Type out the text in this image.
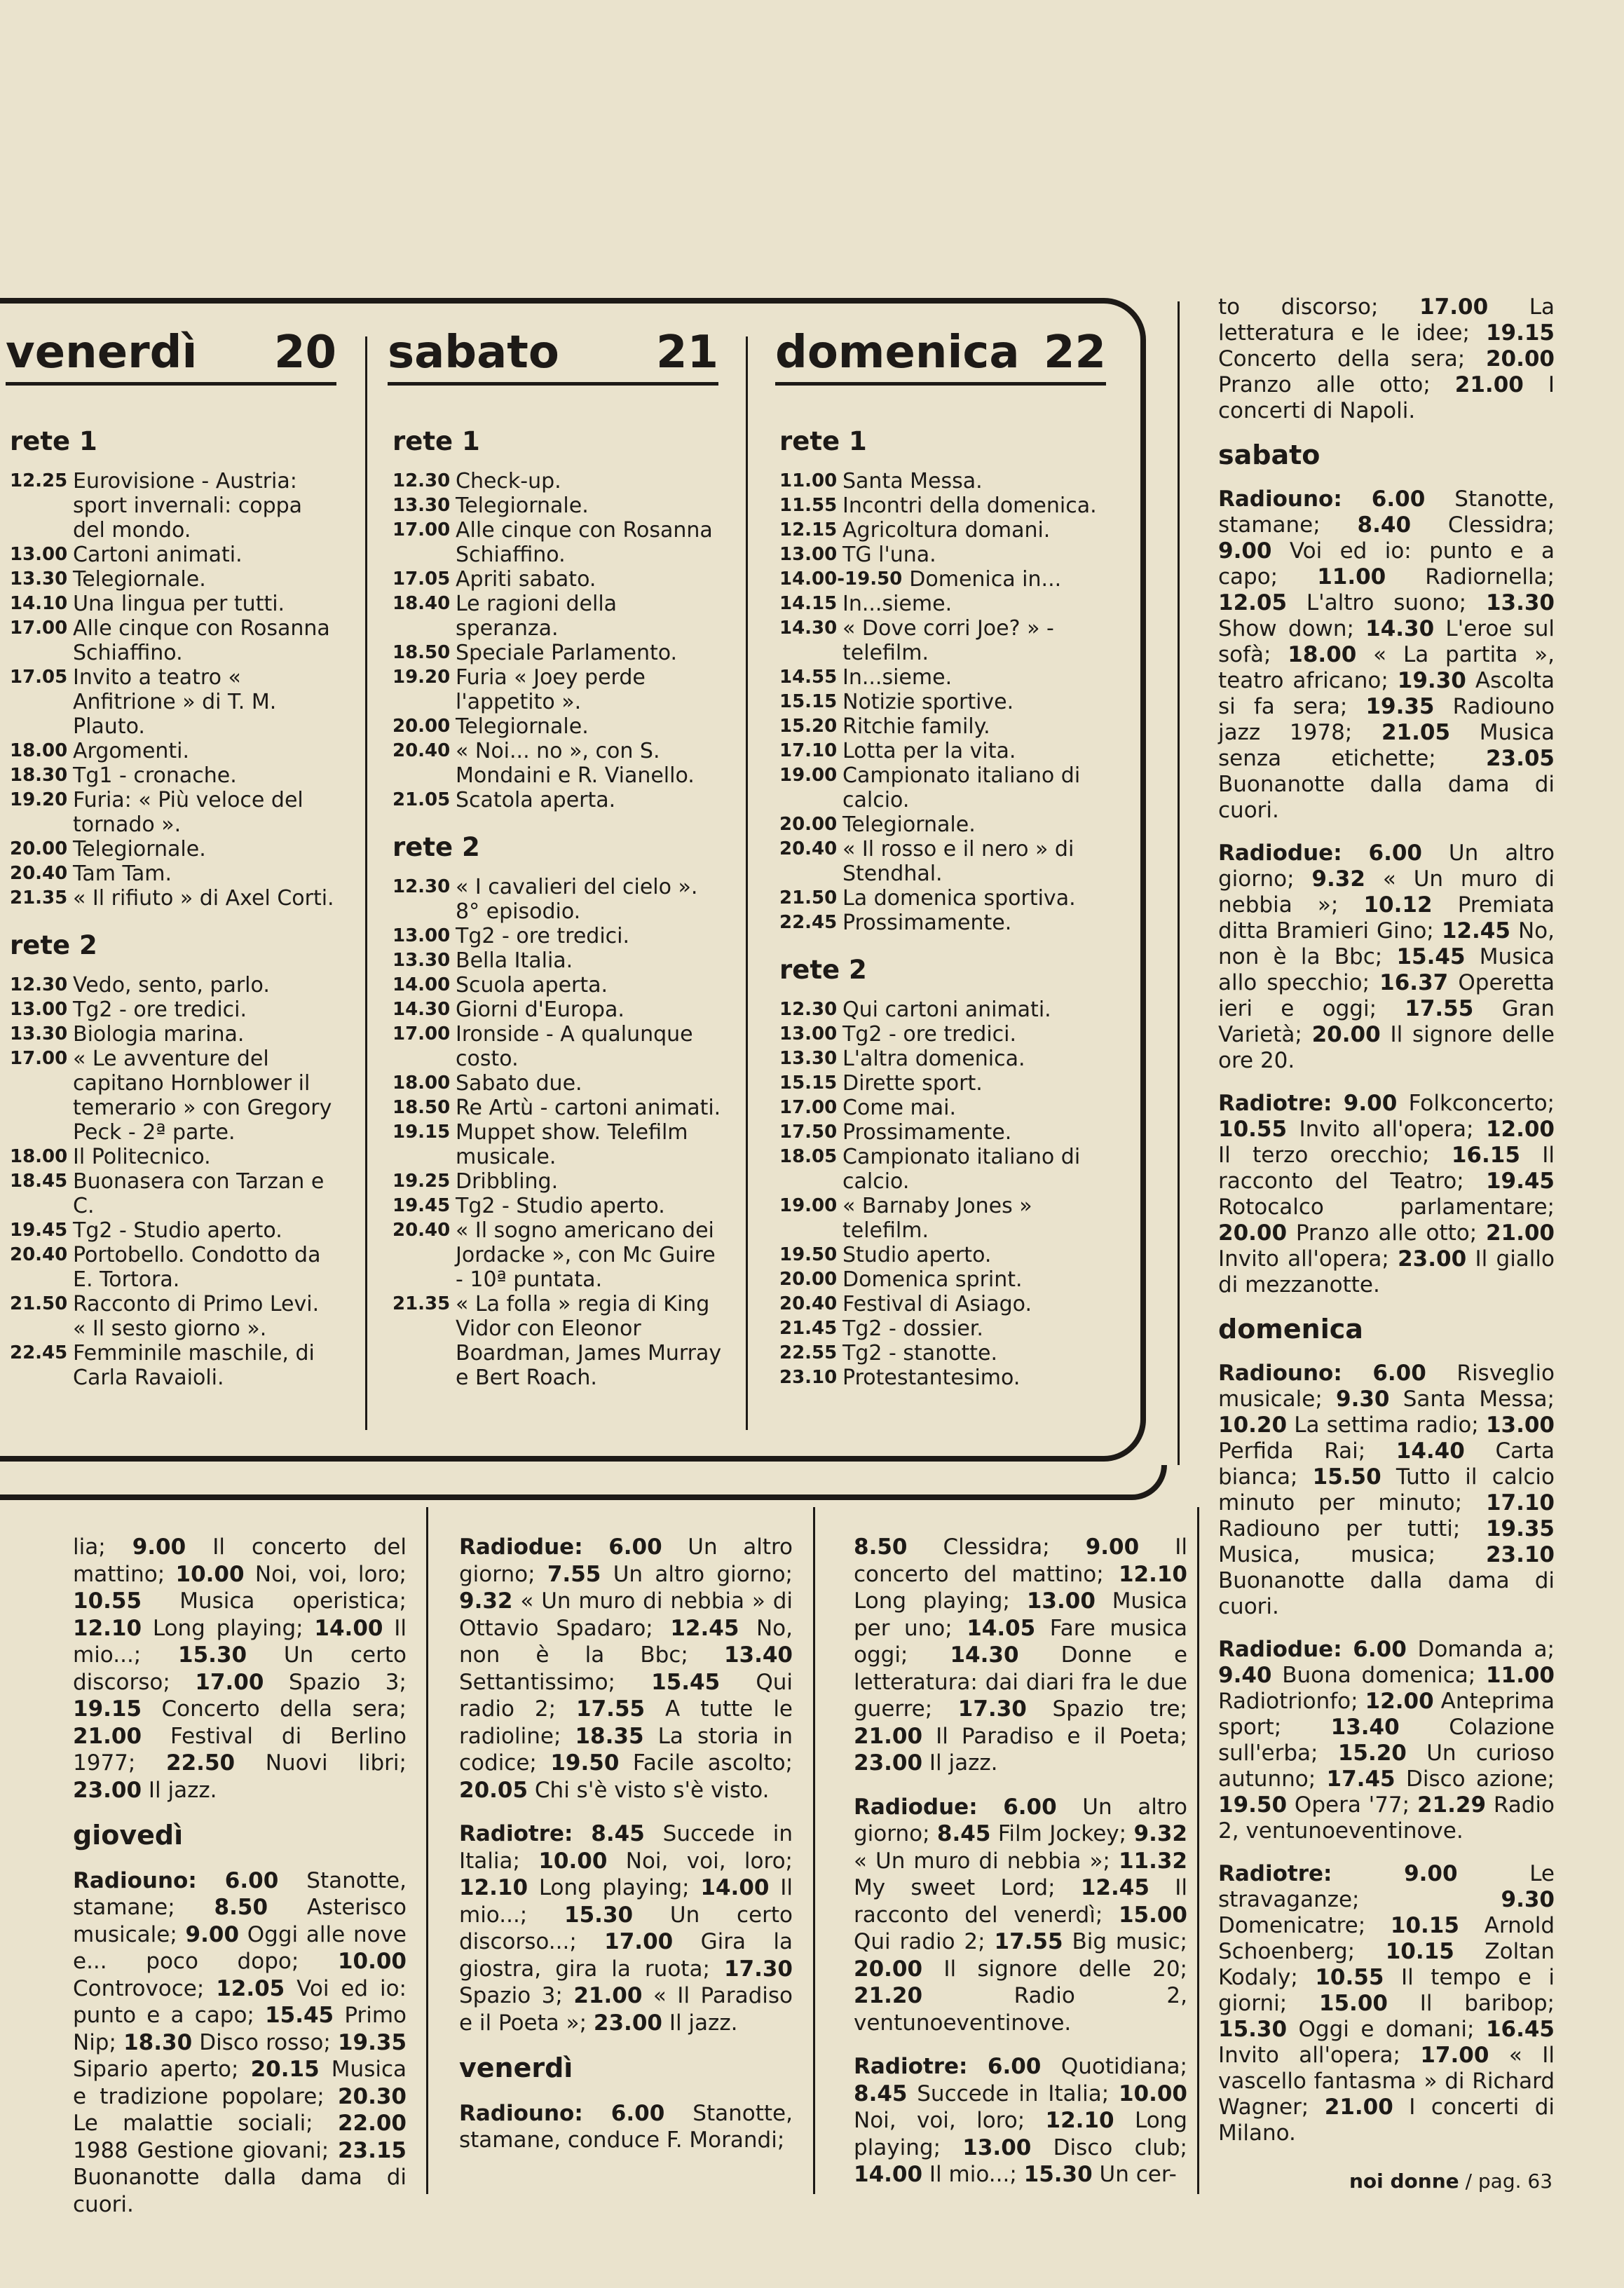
venerdì 20 sabato 21 domenica 22
rete 1
12.25 Eurovisione - Austria: sport invernali: coppa del mondo.
13.00 Cartoni animati.
13.30 Telegiornale.
14.10 Una lingua per tutti.
17.00 Alle cinque con Rosanna Schiaffino.
17.05 Invito a teatro « Anfitrione » di T. M. Plauto.
18.00 Argomenti.
18.30 Tg1 - cronache.
19.20 Furia: « Più veloce del tornado ».
20.00 Telegiornale.
20.40 Tam Tam.
21.35 « Il rifiuto » di Axel Corti.
rete 2
12.30 Vedo, sento, parlo.
13.00 Tg2 - ore tredici.
13.30 Biologia marina.
17.00 « Le avventure del capitano Hornblower il temerario » con Gregory Peck - 2ª parte.
18.00 Il Politecnico.
18.45 Buonasera con Tarzan e C.
19.45 Tg2 - Studio aperto.
20.40 Portobello. Condotto da E. Tortora.
21.50 Racconto di Primo Levi. « Il sesto giorno ».
22.45 Femminile maschile, di Carla Ravaioli.
rete 1
12.30 Check-up.
13.30 Telegiornale.
17.00 Alle cinque con Rosanna Schiaffino.
17.05 Apriti sabato.
18.40 Le ragioni della speranza.
18.50 Speciale Parlamento.
19.20 Furia « Joey perde l'appetito ».
20.00 Telegiornale.
20.40 « Noi... no », con S. Mondaini e R. Vianello.
21.05 Scatola aperta.
rete 2
12.30 « I cavalieri del cielo ». 8° episodio.
13.00 Tg2 - ore tredici.
13.30 Bella Italia.
14.00 Scuola aperta.
14.30 Giorni d'Europa.
17.00 Ironside - A qualunque costo.
18.00 Sabato due.
18.50 Re Artù - cartoni animati.
19.15 Muppet show. Telefilm musicale.
19.25 Dribbling.
19.45 Tg2 - Studio aperto.
20.40 « Il sogno americano dei Jordacke », con Mc Guire - 10ª puntata.
21.35 « La folla » regia di King Vidor con Eleonor Boardman, James Murray e Bert Roach.
rete 1
11.00 Santa Messa.
11.55 Incontri della domenica.
12.15 Agricoltura domani.
13.00 TG l'una.
14.00-19.50 Domenica in...
14.15 In...sieme.
14.30 « Dove corri Joe? » - telefilm.
14.55 In...sieme.
15.15 Notizie sportive.
15.20 Ritchie family.
17.10 Lotta per la vita.
19.00 Campionato italiano di calcio.
20.00 Telegiornale.
20.40 « Il rosso e il nero » di Stendhal.
21.50 La domenica sportiva.
22.45 Prossimamente.
rete 2
12.30 Qui cartoni animati.
13.00 Tg2 - ore tredici.
13.30 L'altra domenica.
15.15 Dirette sport.
17.00 Come mai.
17.50 Prossimamente.
18.05 Campionato italiano di calcio.
19.00 « Barnaby Jones » telefilm.
19.50 Studio aperto.
20.00 Domenica sprint.
20.40 Festival di Asiago.
21.45 Tg2 - dossier.
22.55 Tg2 - stanotte.
23.10 Protestantesimo.

lia; 9.00 Il concerto del mattino; 10.00 Noi, voi, loro; 10.55 Musica operistica; 12.10 Long playing; 14.00 Il mio...; 15.30 Un certo discorso; 17.00 Spazio 3; 19.15 Concerto della sera; 21.00 Festival di Berlino 1977; 22.50 Nuovi libri; 23.00 Il jazz.

giovedì

Radiouno: 6.00 Stanotte, stamane; 8.50 Asterisco musicale; 9.00 Oggi alle nove e... poco dopo; 10.00 Controvoce; 12.05 Voi ed io: punto e a capo; 15.45 Primo Nip; 18.30 Disco rosso; 19.35 Sipario aperto; 20.15 Musica e tradizione popolare; 20.30 Le malattie sociali; 22.00 1988 Gestione giovani; 23.15 Buonanotte dalla dama di cuori.

Radiodue: 6.00 Un altro giorno; 7.55 Un altro giorno; 9.32 « Un muro di nebbia » di Ottavio Spadaro; 12.45 No, non è la Bbc; 13.40 Settantissimo; 15.45 Qui radio 2; 17.55 A tutte le radioline; 18.35 La storia in codice; 19.50 Facile ascolto; 20.05 Chi s'è visto s'è visto.

Radiotre: 8.45 Succede in Italia; 10.00 Noi, voi, loro; 12.10 Long playing; 14.00 Il mio...; 15.30 Un certo discorso...; 17.00 Gira la giostra, gira la ruota; 17.30 Spazio 3; 21.00 « Il Paradiso e il Poeta »; 23.00 Il jazz.

venerdì

Radiouno: 6.00 Stanotte, stamane, conduce F. Morandi;

8.50 Clessidra; 9.00 Il concerto del mattino; 12.10 Long playing; 13.00 Musica per uno; 14.05 Fare musica oggi; 14.30 Donne e letteratura: dai diari fra le due guerre; 17.30 Spazio tre; 21.00 Il Paradiso e il Poeta; 23.00 Il jazz.

Radiodue: 6.00 Un altro giorno; 8.45 Film Jockey; 9.32 « Un muro di nebbia »; 11.32 My sweet Lord; 12.45 Il racconto del venerdì; 15.00 Qui radio 2; 17.55 Big music; 20.00 Il signore delle 20; 21.20 Radio 2, ventunoeventinove.

Radiotre: 6.00 Quotidiana; 8.45 Succede in Italia; 10.00 Noi, voi, loro; 12.10 Long playing; 13.00 Disco club; 14.00 Il mio...; 15.30 Un cer-

to discorso; 17.00 La letteratura e le idee; 19.15 Concerto della sera; 20.00 Pranzo alle otto; 21.00 I concerti di Napoli.

sabato

Radiouno: 6.00 Stanotte, stamane; 8.40 Clessidra; 9.00 Voi ed io: punto e a capo; 11.00 Radiornella; 12.05 L'altro suono; 13.30 Show down; 14.30 L'eroe sul sofà; 18.00 « La partita », teatro africano; 19.30 Ascolta si fa sera; 19.35 Radiouno jazz 1978; 21.05 Musica senza etichette; 23.05 Buonanotte dalla dama di cuori.

Radiodue: 6.00 Un altro giorno; 9.32 « Un muro di nebbia »; 10.12 Premiata ditta Bramieri Gino; 12.45 No, non è la Bbc; 15.45 Musica allo specchio; 16.37 Operetta ieri e oggi; 17.55 Gran Varietà; 20.00 Il signore delle ore 20.

Radiotre: 9.00 Folkconcerto; 10.55 Invito all'opera; 12.00 Il terzo orecchio; 16.15 Il racconto del Teatro; 19.45 Rotocalco parlamentare; 20.00 Pranzo alle otto; 21.00 Invito all'opera; 23.00 Il giallo di mezzanotte.

domenica

Radiouno: 6.00 Risveglio musicale; 9.30 Santa Messa; 10.20 La settima radio; 13.00 Perfida Rai; 14.40 Carta bianca; 15.50 Tutto il calcio minuto per minuto; 17.10 Radiouno per tutti; 19.35 Musica, musica; 23.10 Buonanotte dalla dama di cuori.

Radiodue: 6.00 Domanda a; 9.40 Buona domenica; 11.00 Radiotrionfo; 12.00 Anteprima sport; 13.40 Colazione sull'erba; 15.20 Un curioso autunno; 17.45 Disco azione; 19.50 Opera '77; 21.29 Radio 2, ventunoeventinove.

Radiotre:	9.00 Le stravaganze; 9.30 Domenicatre; 10.15 Arnold Schoenberg; 10.15 Zoltan Kodaly; 10.55 Il tempo e i giorni; 15.00 Il baribop; 15.30 Oggi e domani; 16.45 Invito all'opera; 17.00 « Il vascello fantasma » di Richard Wagner; 21.00 I concerti di Milano.

noi donne / pag. 63
